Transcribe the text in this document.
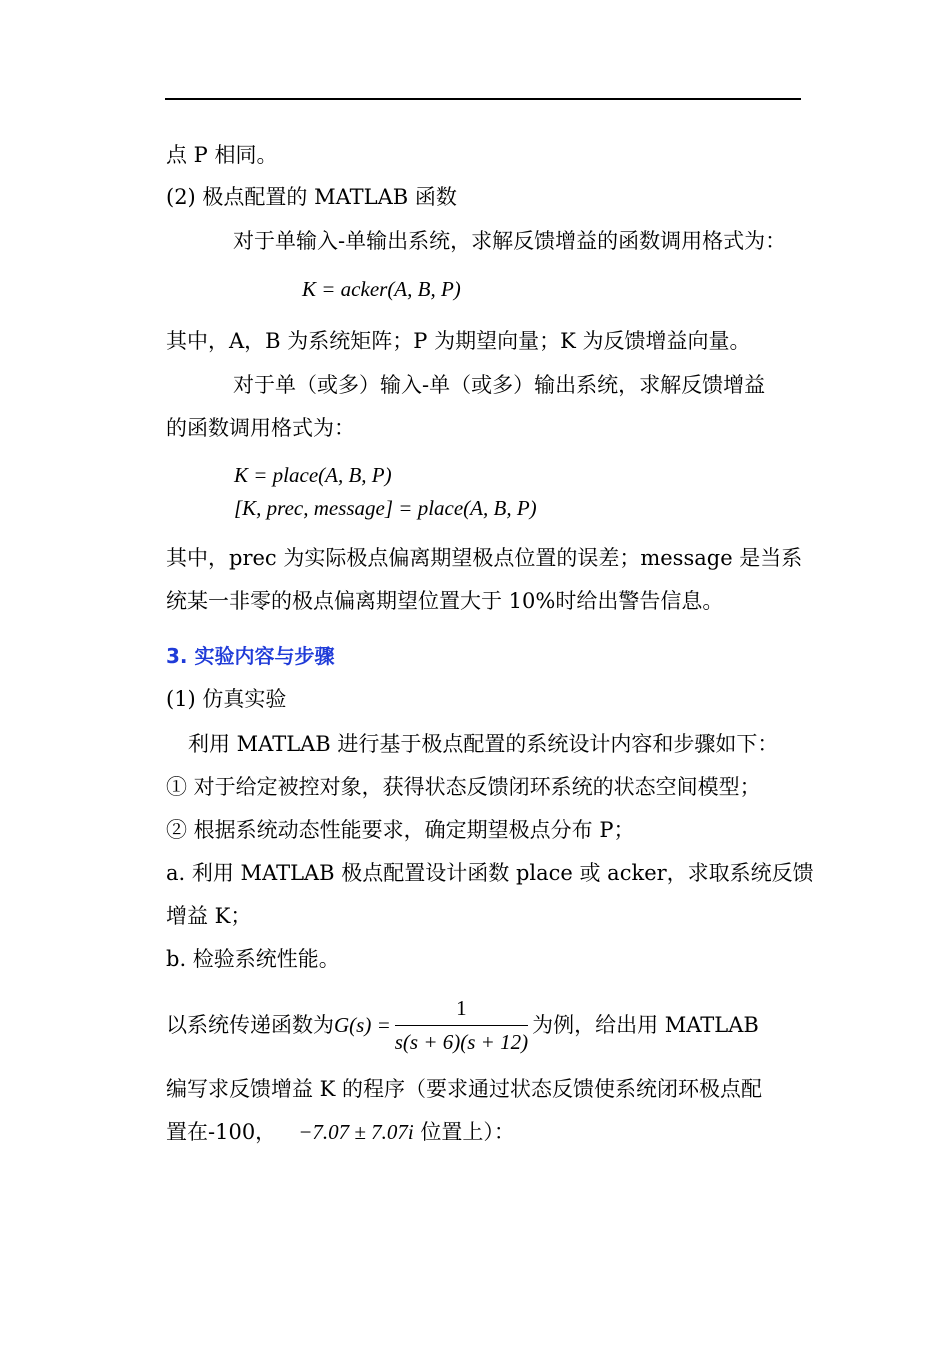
点 P 相同。
(2) 极点配置的 MATLAB 函数
对于单输入-单输出系统，求解反馈增益的函数调用格式为：
K = acker(A, B, P)
其中，A，B 为系统矩阵；P 为期望向量；K 为反馈增益向量。
对于单（或多）输入-单（或多）输出系统，求解反馈增益
的函数调用格式为：
K = place(A, B, P)
[K, prec, message] = place(A, B, P)
其中，prec 为实际极点偏离期望极点位置的误差；message 是当系
统某一非零的极点偏离期望位置大于 10%时给出警告信息。
3. 实验内容与步骤
(1) 仿真实验
利用 MATLAB 进行基于极点配置的系统设计内容和步骤如下：
① 对于给定被控对象，获得状态反馈闭环系统的状态空间模型；
② 根据系统动态性能要求，确定期望极点分布 P；
a. 利用 MATLAB 极点配置设计函数 place 或 acker，求取系统反馈
增益 K；
b. 检验系统性能。
以系统传递函数为$G(s) = \frac{1}{s(s + 6)(s + 12)}$ 为例，给出用 MATLAB
编写求反馈增益 K 的程序（要求通过状态反馈使系统闭环极点配
置在-100， −7.07 ± 7.07i 位置上）：
